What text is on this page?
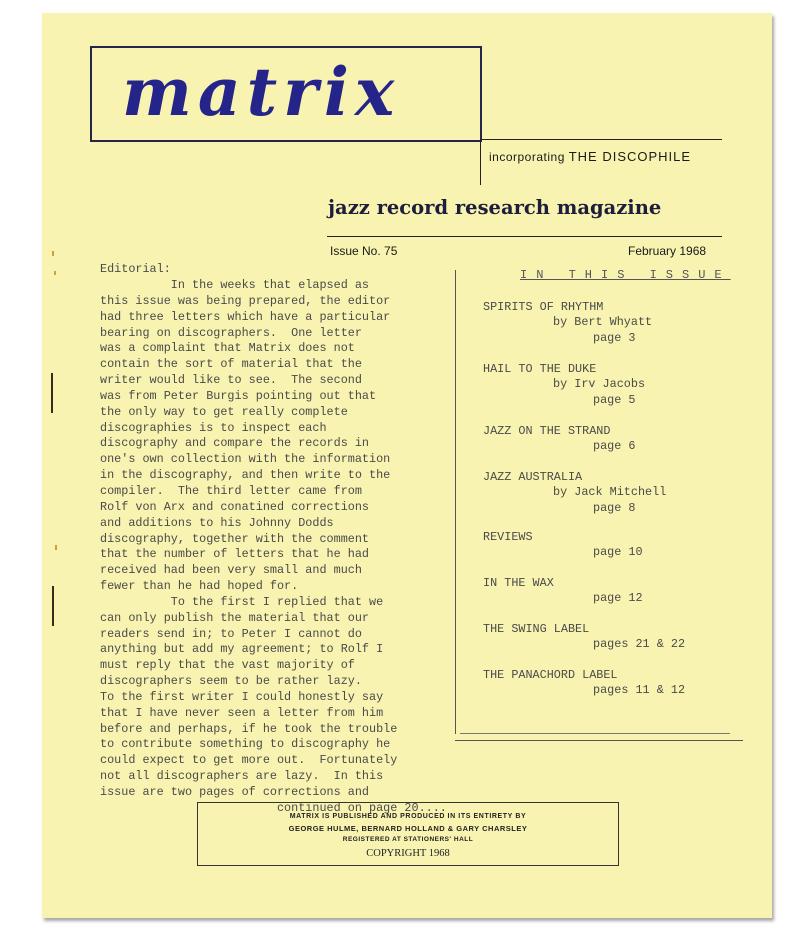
matrix
incorporating THE DISCOPHILE
jazz record research magazine
Issue No. 75	February 1968
Editorial:
In the weeks that elapsed as
this issue was being prepared, the editor
had three letters which have a particular
bearing on discographers.  One letter
was a complaint that Matrix does not
contain the sort of material that the
writer would like to see.  The second
was from Peter Burgis pointing out that
the only way to get really complete
discographies is to inspect each
discography and compare the records in
one's own collection with the information
in the discography, and then write to the
compiler.  The third letter came from
Rolf von Arx and conatined corrections
and additions to his Johnny Dodds
discography, together with the comment
that the number of letters that he had
received had been very small and much
fewer than he had hoped for.
To the first I replied that we
can only publish the material that our
readers send in; to Peter I cannot do
anything but add my agreement; to Rolf I
must reply that the vast majority of
discographers seem to be rather lazy.
To the first writer I could honestly say
that I have never seen a letter from him
before and perhaps, if he took the trouble
to contribute something to discography he
could expect to get more out.  Fortunately
not all discographers are lazy.  In this
issue are two pages of corrections and
continued on page 20....
IN THIS ISSUE
SPIRITS OF RHYTHM
by Bert Whyatt
page 3
HAIL TO THE DUKE
by Irv Jacobs
page 5
JAZZ ON THE STRAND
page 6
JAZZ AUSTRALIA
by Jack Mitchell
page 8
REVIEWS
page 10
IN THE WAX
page 12
THE SWING LABEL
pages 21 & 22
THE PANACHORD LABEL
pages 11 & 12
MATRIX IS PUBLISHED AND PRODUCED IN ITS ENTIRETY BY
GEORGE HULME, BERNARD HOLLAND & GARY CHARSLEY
REGISTERED AT STATIONERS' HALL
COPYRIGHT 1968
